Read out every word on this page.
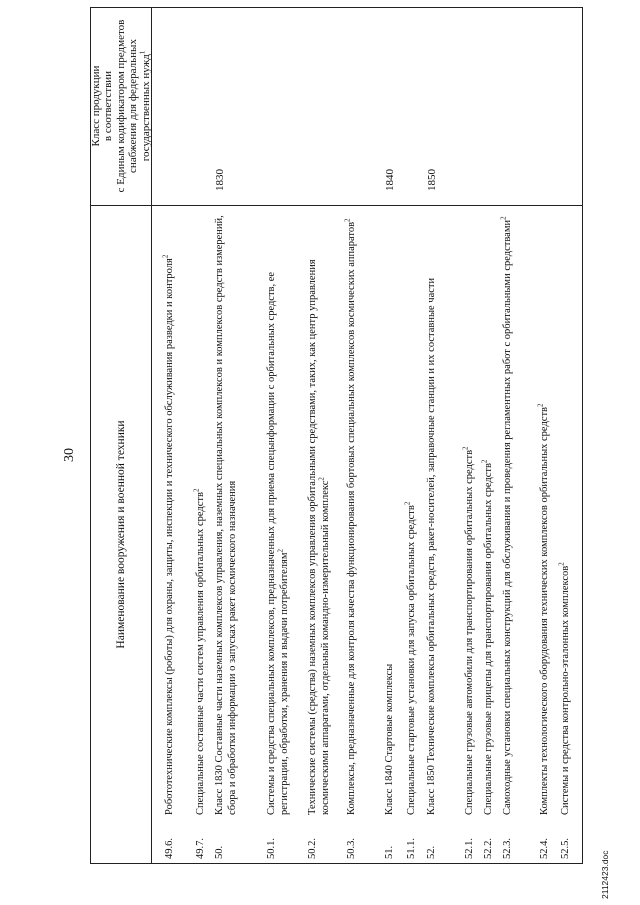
30	Наименование вооружения и военной техники
Класс продукции
в соответствии
с Единым кодификатором предметов
снабжения для федеральных
государственных нужд$^1$
49.6.
Робототехнические комплексы (роботы) для охраны, защиты, инспекции и технического обслуживания разведки и контроля$^2$
49.7.
Специальные составные части систем управления орбитальных средств$^2$
50.
Класс 1830 Составные части наземных комплексов управления, наземных специальных комплексов и комплексов средств измерений, сбора и обработки информации о запусках ракет космического назначения
1830
50.1.
Системы и средства специальных комплексов, предназначенных для приема спецынформации с орбитальных средств, ее регистрации, обработки, хранения и выдачи потребителям$^2$
50.2.
Технические системы (средства) наземных комплексов управления орбитальными средствами, таких, как центр управления космическими аппаратами, отдельный командно-измерительный комплекс$^2$
50.3.
Комплексы, предназначенные для контроля качества функционирования бортовых специальных комплексов космических аппаратов$^2$
51.
Класс 1840 Стартовые комплексы
1840
51.1.
Специальные стартовые установки для запуска орбитальных средств$^2$
52.
Класс 1850 Технические комплексы орбитальных средств, ракет-носителей, заправочные станции и их составные части
1850
52.1.
Специальные грузовые автомобили для транспортирования орбитальных средств$^2$
52.2.
Специальные грузовые прицепы для транспортирования орбитальных средств$^2$
52.3.
Самоходные установки специальных конструкций для обслуживания и проведения регламентных работ с орбитальными средствами$^2$
52.4.
Комплекты технологического оборудования технических комплексов орбитальных средств$^2$
52.5.
Системы и средства контрольно-эталонных комплексов$^2$
2112423.doc
